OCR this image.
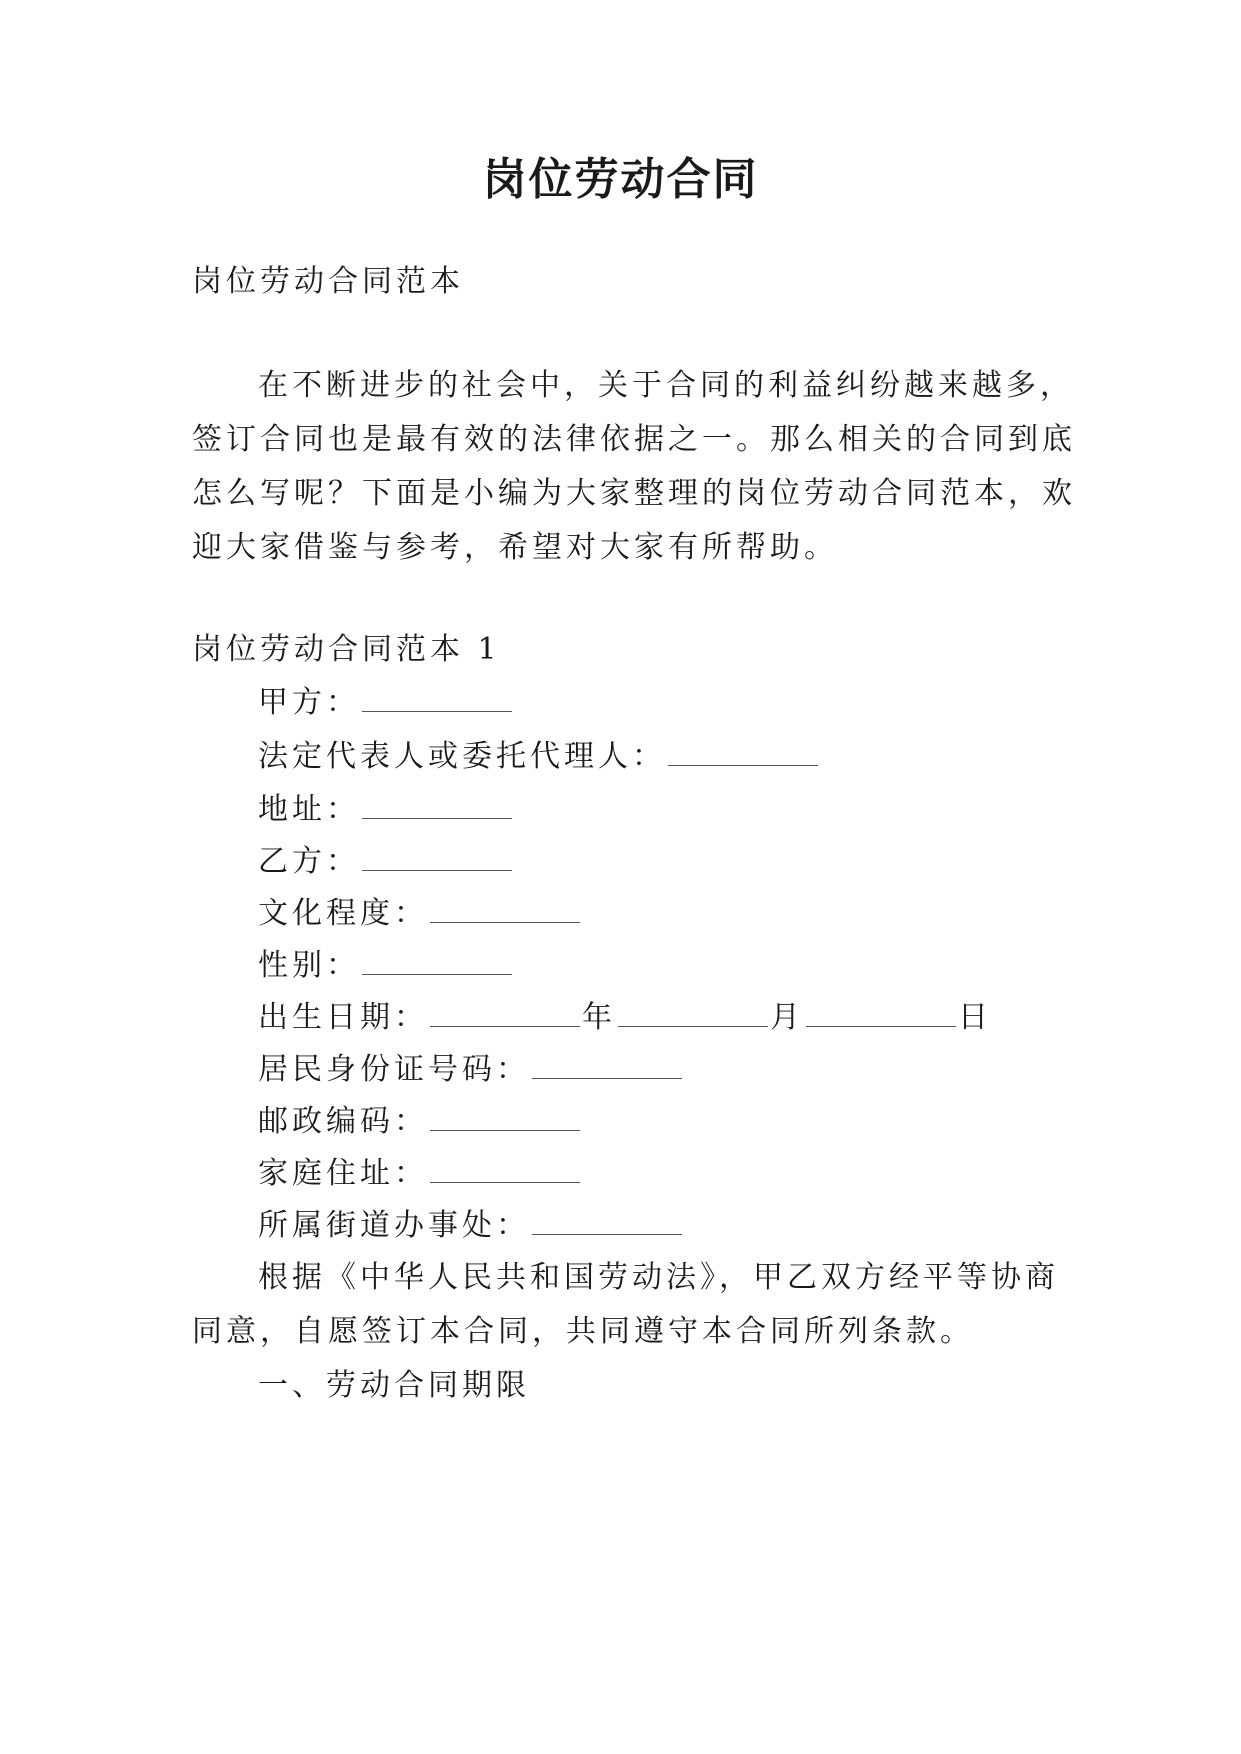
岗位劳动合同
岗位劳动合同范本
在不断进步的社会中，关于合同的利益纠纷越来越多，
签订合同也是最有效的法律依据之一。那么相关的合同到底
怎么写呢？下面是小编为大家整理的岗位劳动合同范本，欢
迎大家借鉴与参考，希望对大家有所帮助。
岗位劳动合同范本 1
甲方：
法定代表人或委托代理人：
地址：
乙方：
文化程度：
性别：
出生日期：	年	月	日
居民身份证号码：
邮政编码：
家庭住址：
所属街道办事处：
根据《中华人民共和国劳动法》，甲乙双方经平等协商
同意，自愿签订本合同，共同遵守本合同所列条款。
一、劳动合同期限
